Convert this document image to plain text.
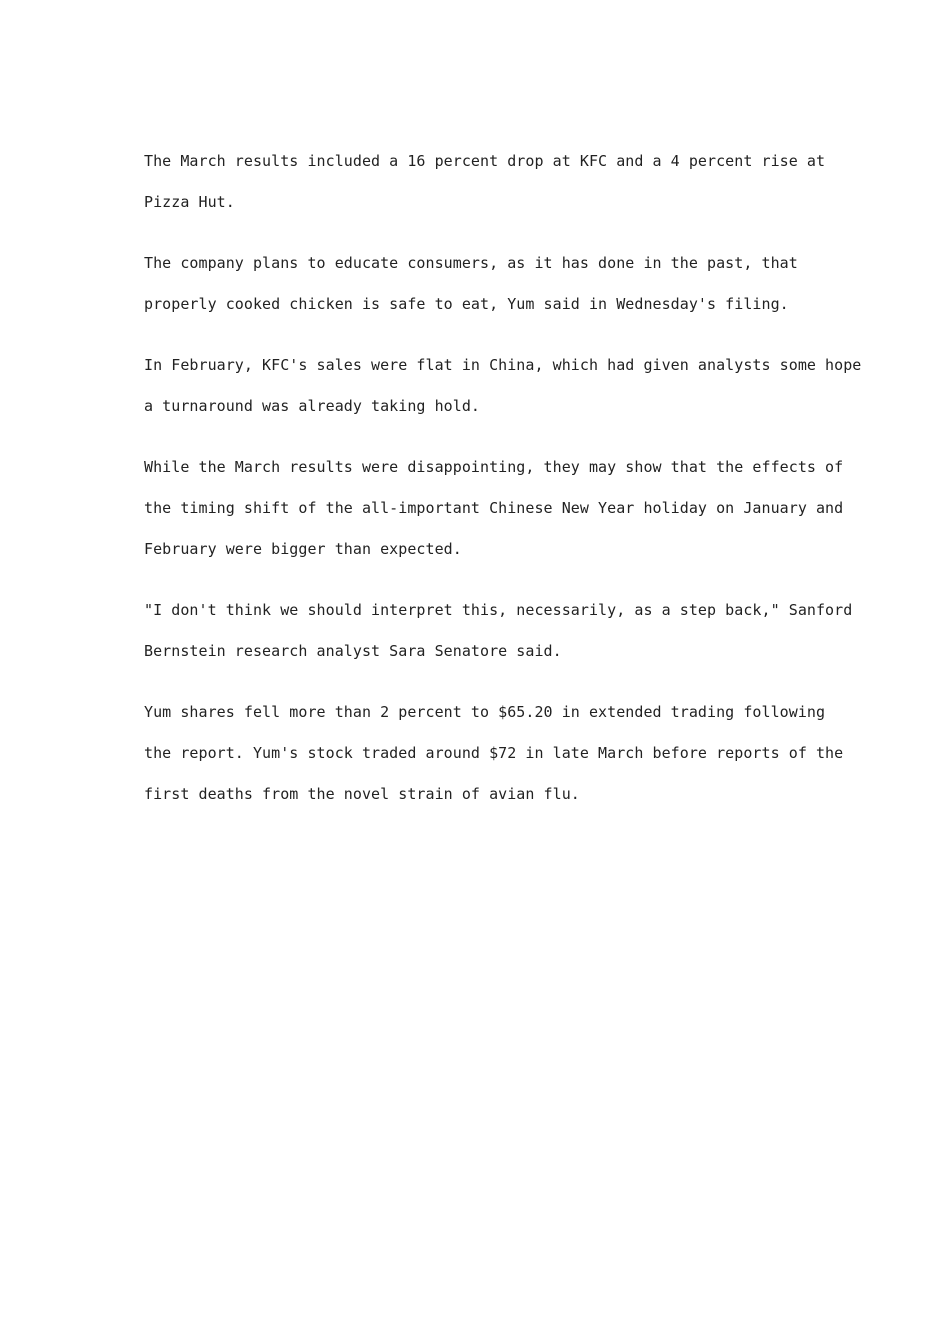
The March results included a 16 percent drop at KFC and a 4 percent rise at
Pizza Hut.

The company plans to educate consumers, as it has done in the past, that
properly cooked chicken is safe to eat, Yum said in Wednesday's filing.

In February, KFC's sales were flat in China, which had given analysts some hope
a turnaround was already taking hold.

While the March results were disappointing, they may show that the effects of
the timing shift of the all-important Chinese New Year holiday on January and
February were bigger than expected.

"I don't think we should interpret this, necessarily, as a step back," Sanford
Bernstein research analyst Sara Senatore said.

Yum shares fell more than 2 percent to $65.20 in extended trading following
the report. Yum's stock traded around $72 in late March before reports of the
first deaths from the novel strain of avian flu.
